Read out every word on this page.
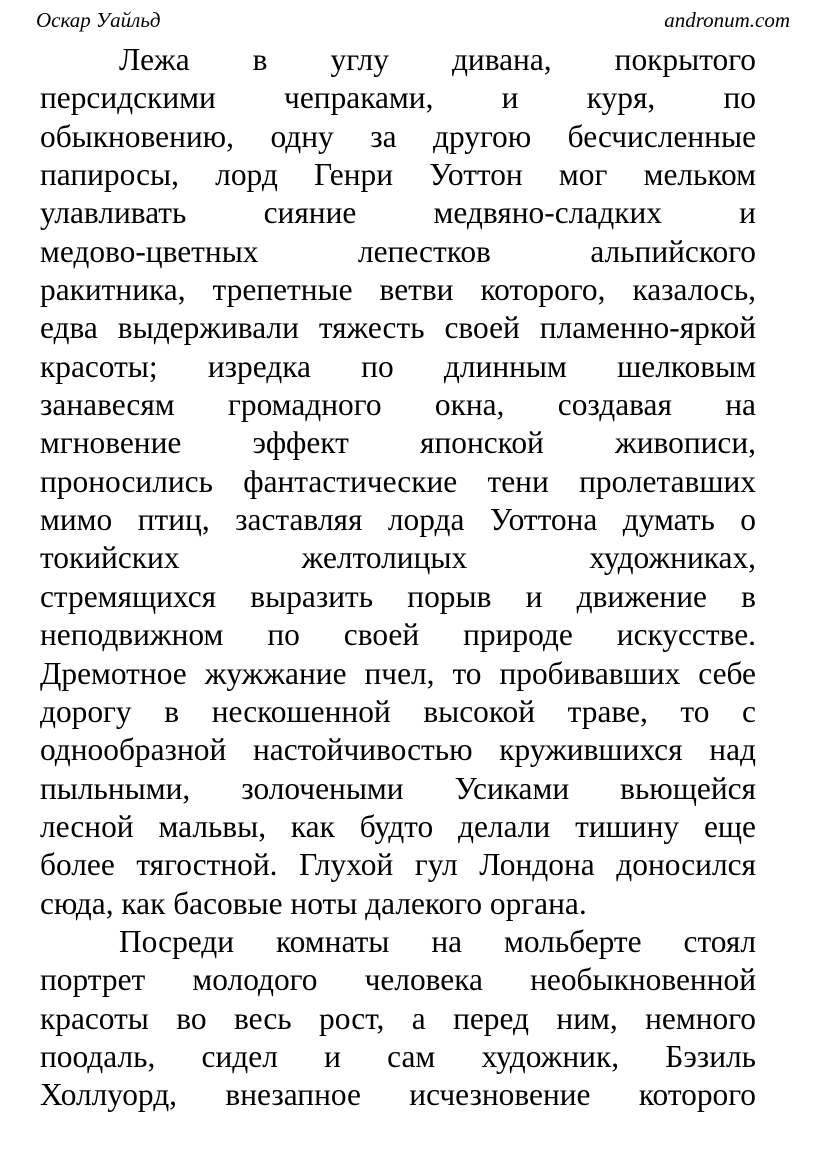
Оскар Уайльд	andronum.com

Лежа в углу дивана, покрытого
персидскими чепраками, и куря, по
обыкновению, одну за другою бесчисленные
папиросы, лорд Генри Уоттон мог мельком
улавливать сияние медвяно-сладких и
медово-цветных лепестков альпийского
ракитника, трепетные ветви которого, казалось,
едва выдерживали тяжесть своей пламенно-яркой
красоты; изредка по длинным шелковым
занавесям громадного окна, создавая на
мгновение эффект японской живописи,
проносились фантастические тени пролетавших
мимо птиц, заставляя лорда Уоттона думать о
токийских желтолицых художниках,
стремящихся выразить порыв и движение в
неподвижном по своей природе искусстве.
Дремотное жужжание пчел, то пробивавших себе
дорогу в нескошенной высокой траве, то с
однообразной настойчивостью кружившихся над
пыльными, золочеными Усиками вьющейся
лесной мальвы, как будто делали тишину еще
более тягостной. Глухой гул Лондона доносился
сюда, как басовые ноты далекого органа.

Посреди комнаты на мольберте стоял
портрет молодого человека необыкновенной
красоты во весь рост, а перед ним, немного
поодаль, сидел и сам художник, Бэзиль
Холлуорд, внезапное исчезновение которого
